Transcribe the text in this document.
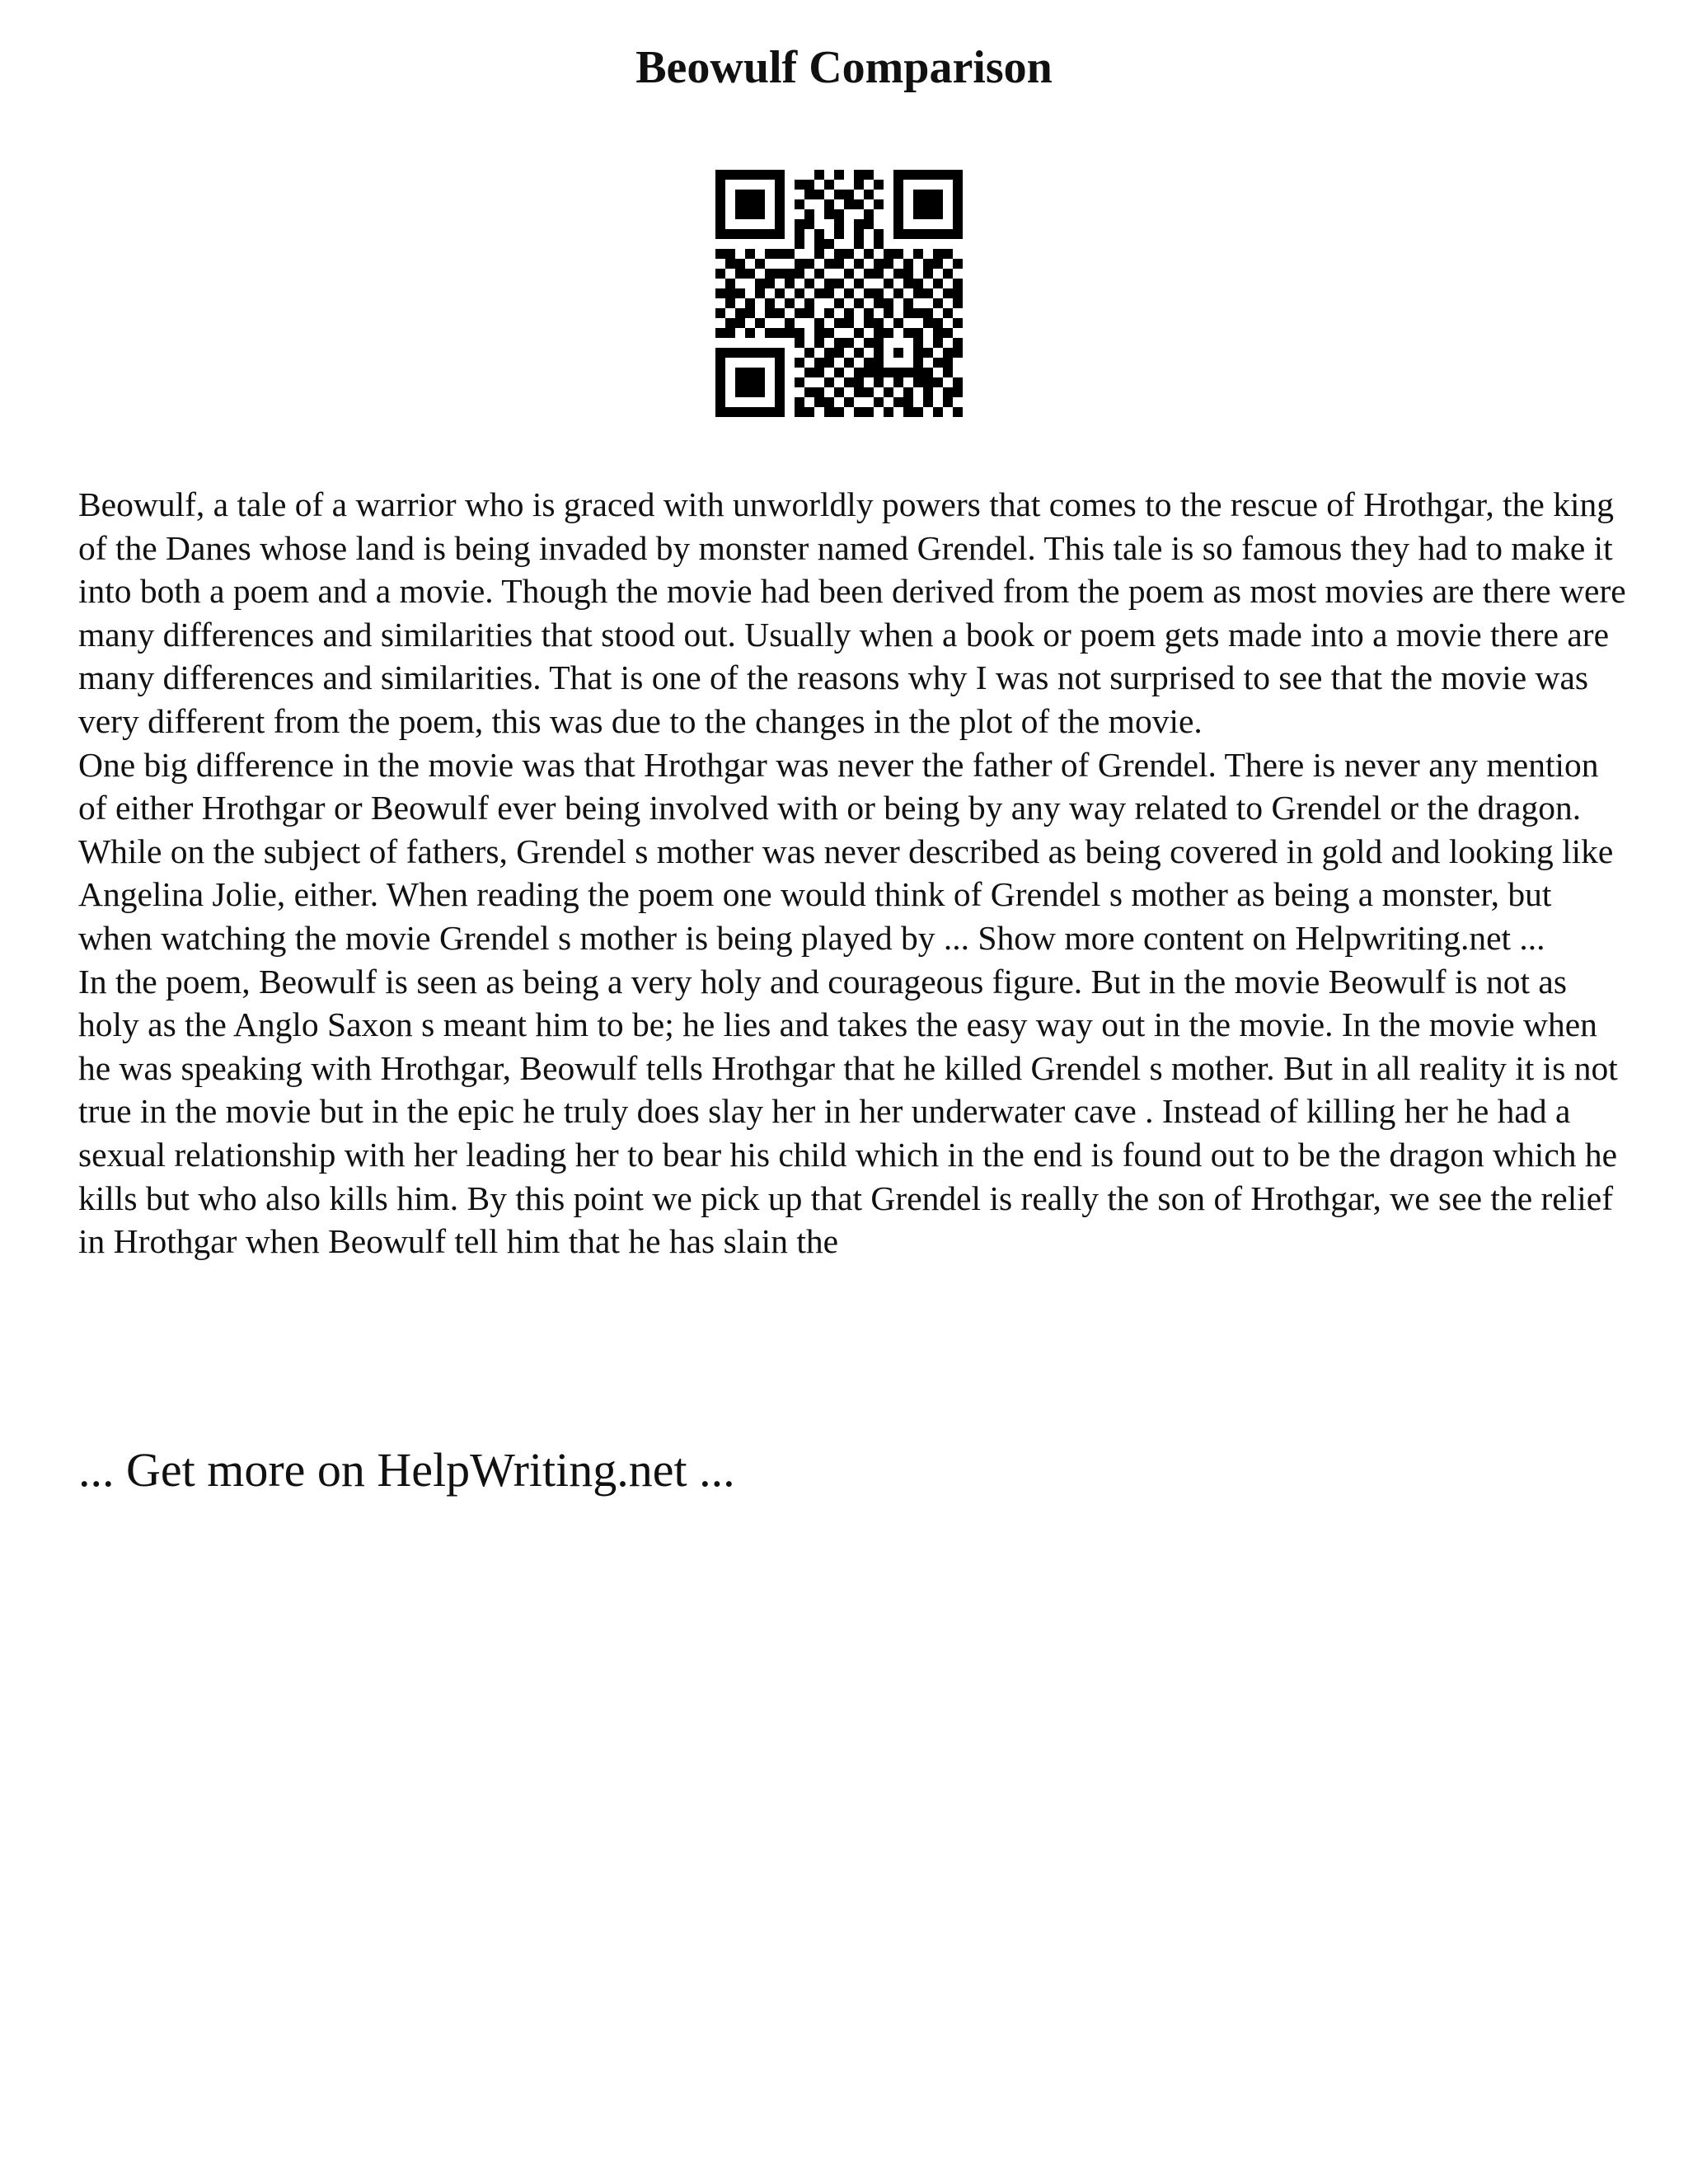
Beowulf Comparison

Beowulf, a tale of a warrior who is graced with unworldly powers that comes to the rescue of Hrothgar, the king of the Danes whose land is being invaded by monster named Grendel. This tale is so famous they had to make it into both a poem and a movie. Though the movie had been derived from the poem as most movies are there were many differences and similarities that stood out. Usually when a book or poem gets made into a movie there are many differences and similarities. That is one of the reasons why I was not surprised to see that the movie was very different from the poem, this was due to the changes in the plot of the movie.

One big difference in the movie was that Hrothgar was never the father of Grendel. There is never any mention of either Hrothgar or Beowulf ever being involved with or being by any way related to Grendel or the dragon. While on the subject of fathers, Grendel s mother was never described as being covered in gold and looking like Angelina Jolie, either. When reading the poem one would think of Grendel s mother as being a monster, but when watching the movie Grendel s mother is being played by ... Show more content on Helpwriting.net ...

In the poem, Beowulf is seen as being a very holy and courageous figure. But in the movie Beowulf is not as holy as the Anglo Saxon s meant him to be; he lies and takes the easy way out in the movie. In the movie when he was speaking with Hrothgar, Beowulf tells Hrothgar that he killed Grendel s mother. But in all reality it is not true in the movie but in the epic he truly does slay her in her underwater cave . Instead of killing her he had a sexual relationship with her leading her to bear his child which in the end is found out to be the dragon which he kills but who also kills him. By this point we pick up that Grendel is really the son of Hrothgar, we see the relief in Hrothgar when Beowulf tell him that he has slain the

... Get more on HelpWriting.net ...
